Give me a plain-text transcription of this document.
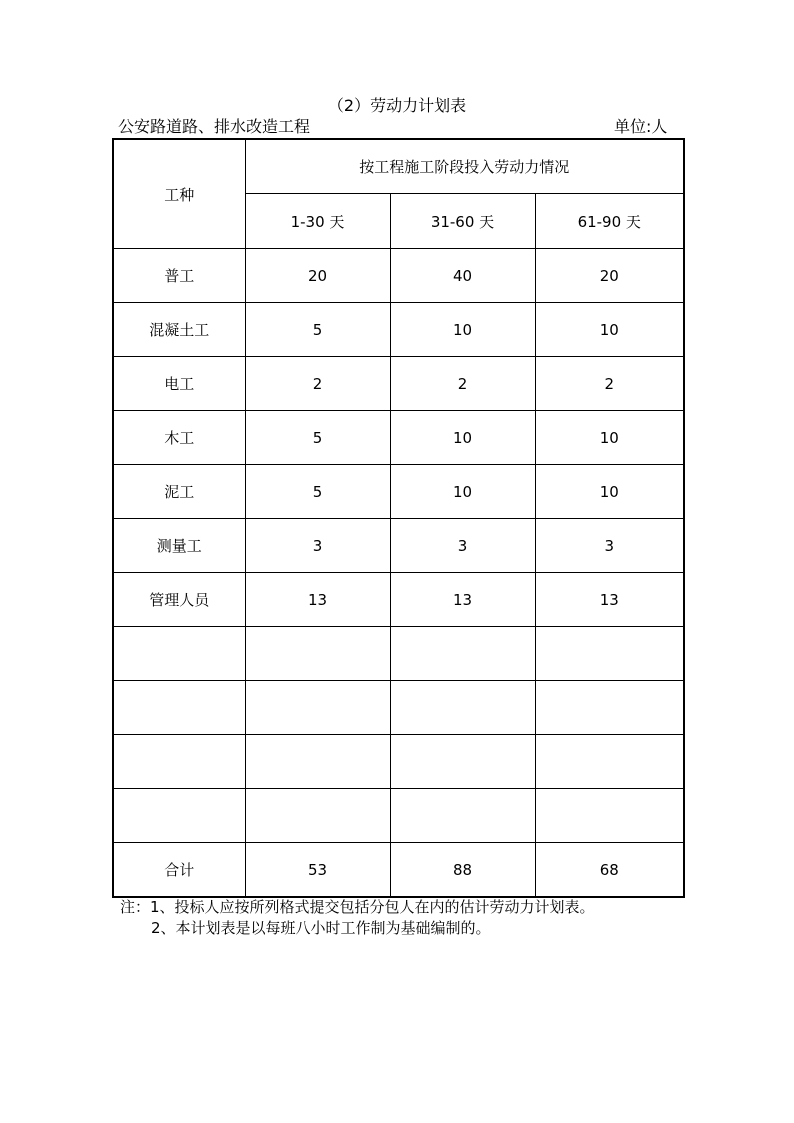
（2）劳动力计划表
公安路道路、排水改造工程	单位:人
工种	按工程施工阶段投入劳动力情况		
	1-30 天	31-60 天	61-90 天
普工	20	40	20
混凝土工	5	10	10
电工	2	2	2
木工	5	10	10
泥工	5	10	10
测量工	3	3	3
管理人员	13	13	13

合计	53	88	68
注：1、投标人应按所列格式提交包括分包人在内的估计劳动力计划表。
2、本计划表是以每班八小时工作制为基础编制的。
